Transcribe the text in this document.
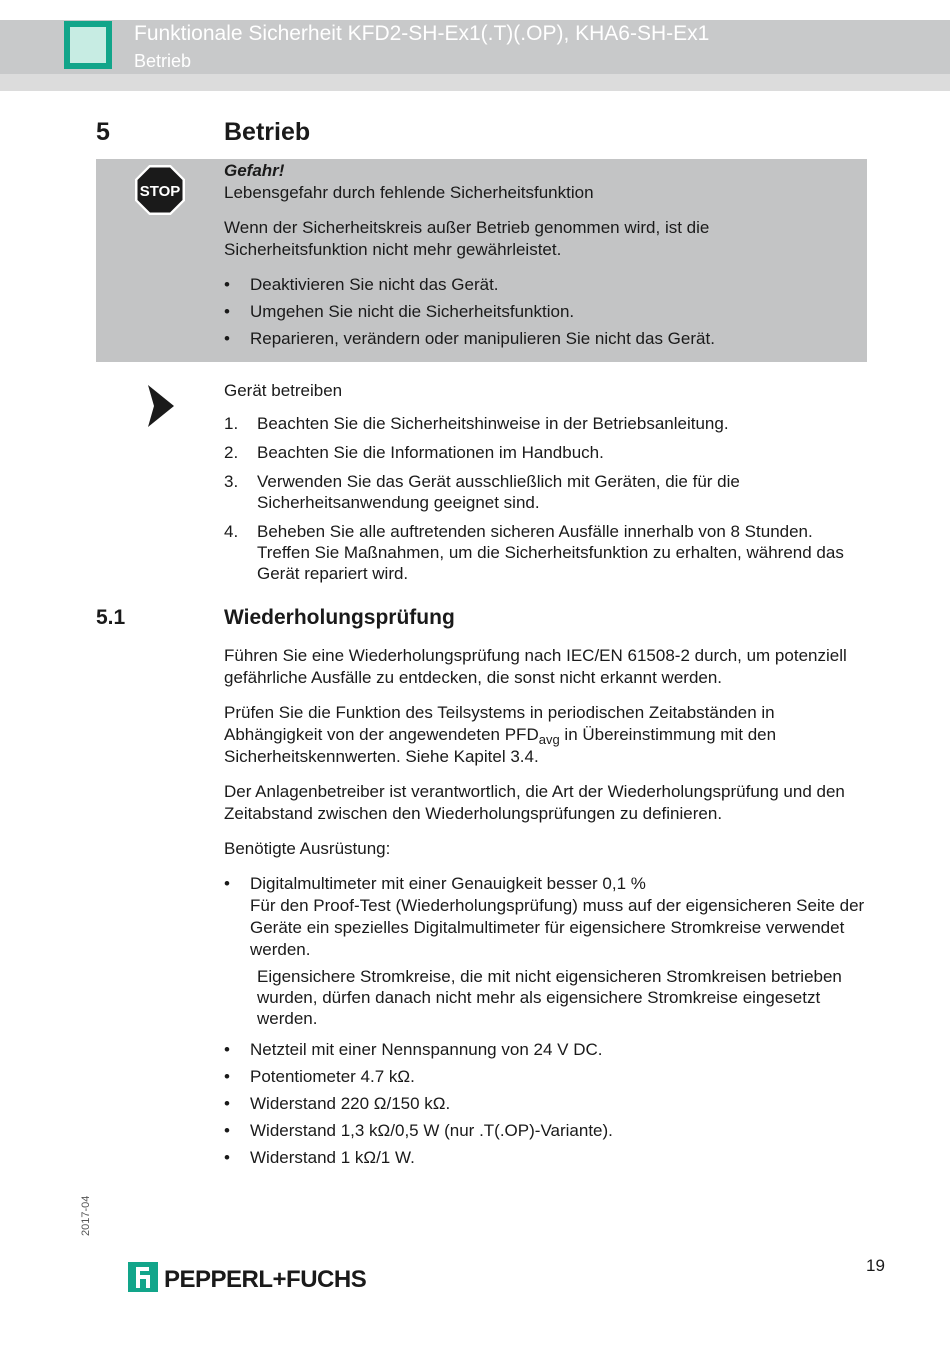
Funktionale Sicherheit KFD2-SH-Ex1(.T)(.OP), KHA6-SH-Ex1
Betrieb
5	Betrieb
STOP

Gefahr!

Lebensgefahr durch fehlende Sicherheitsfunktion

Wenn der Sicherheitskreis außer Betrieb genommen wird, ist die Sicherheitsfunktion nicht mehr gewährleistet.

• Deaktivieren Sie nicht das Gerät.
• Umgehen Sie nicht die Sicherheitsfunktion.
• Reparieren, verändern oder manipulieren Sie nicht das Gerät.

Gerät betreiben

1.	Beachten Sie die Sicherheitshinweise in der Betriebsanleitung.
2.	Beachten Sie die Informationen im Handbuch.
3.	Verwenden Sie das Gerät ausschließlich mit Geräten, die für die Sicherheitsanwendung geeignet sind.
4.	Beheben Sie alle auftretenden sicheren Ausfälle innerhalb von 8 Stunden. Treffen Sie Maßnahmen, um die Sicherheitsfunktion zu erhalten, während das Gerät repariert wird.
5.1	Wiederholungsprüfung

Führen Sie eine Wiederholungsprüfung nach IEC/EN 61508-2 durch, um potenziell gefährliche Ausfälle zu entdecken, die sonst nicht erkannt werden.

Prüfen Sie die Funktion des Teilsystems in periodischen Zeitabständen in Abhängigkeit von der angewendeten $PFD_{avg}$ in Übereinstimmung mit den Sicherheitskennwerten. Siehe Kapitel 3.4.

Der Anlagenbetreiber ist verantwortlich, die Art der Wiederholungsprüfung und den Zeitabstand zwischen den Wiederholungsprüfungen zu definieren.

Benötigte Ausrüstung:

• Digitalmultimeter mit einer Genauigkeit besser 0,1 %
Für den Proof-Test (Wiederholungsprüfung) muss auf der eigensicheren Seite der Geräte ein spezielles Digitalmultimeter für eigensichere Stromkreise verwendet werden.
Eigensichere Stromkreise, die mit nicht eigensicheren Stromkreisen betrieben wurden, dürfen danach nicht mehr als eigensichere Stromkreise eingesetzt werden.
• Netzteil mit einer Nennspannung von 24 V DC.
• Potentiometer 4.7 kΩ.
• Widerstand 220 Ω/150 kΩ.
• Widerstand 1,3 kΩ/0,5 W (nur .T(.OP)-Variante).
• Widerstand 1 kΩ/1 W.
2017-04
PEPPERL+FUCHS
19
